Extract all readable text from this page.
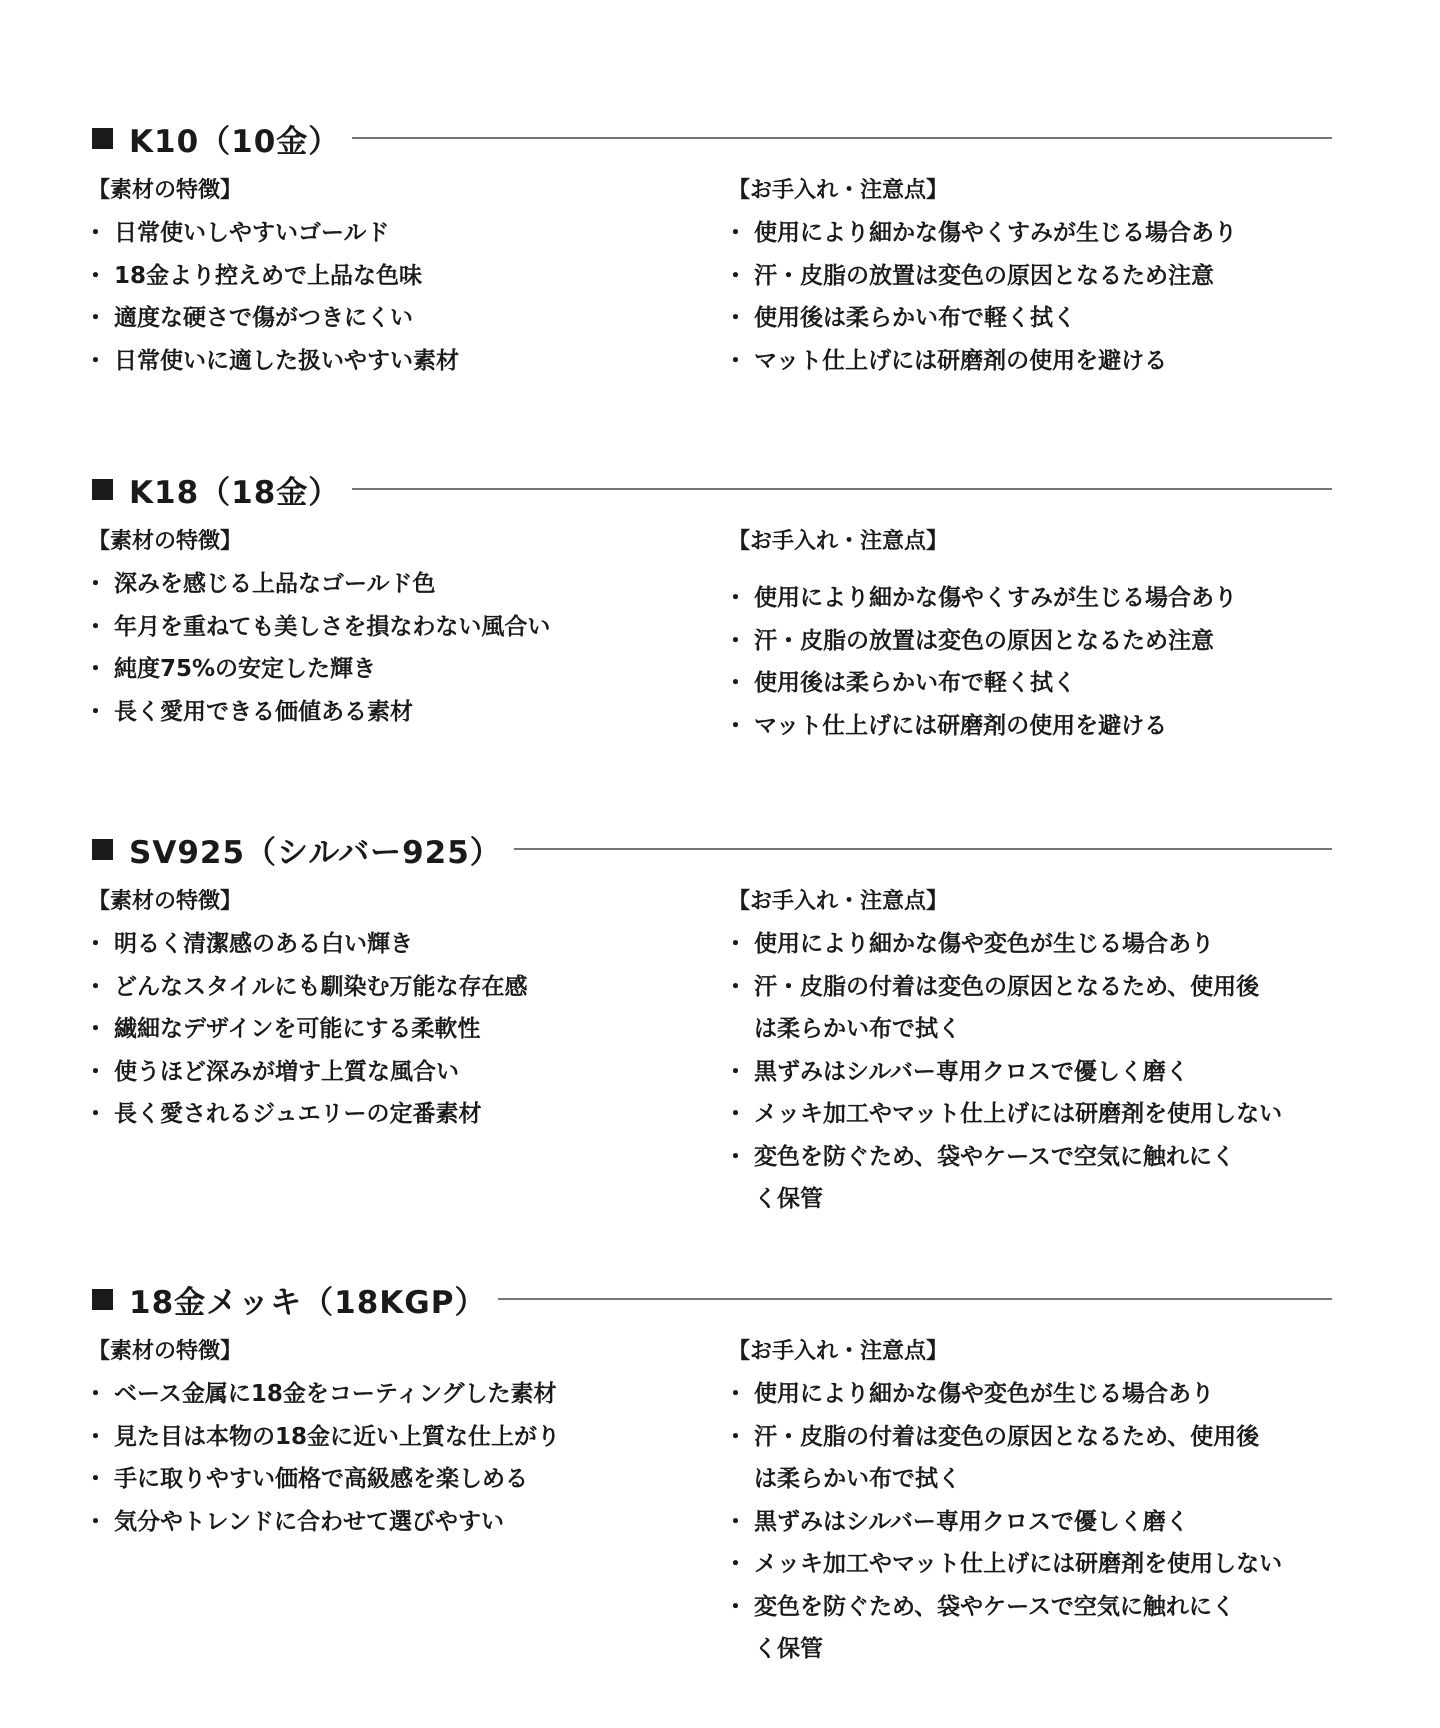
K10（10金）
【素材の特徴】
・ 日常使いしやすいゴールド
・ 18金より控えめで上品な色味
・ 適度な硬さで傷がつきにくい
・ 日常使いに適した扱いやすい素材
【お手入れ・注意点】
・ 使用により細かな傷やくすみが生じる場合あり
・ 汗・皮脂の放置は変色の原因となるため注意
・ 使用後は柔らかい布で軽く拭く
・ マット仕上げには研磨剤の使用を避ける
K18（18金）
【素材の特徴】
・ 深みを感じる上品なゴールド色
・ 年月を重ねても美しさを損なわない風合い
・ 純度75%の安定した輝き
・ 長く愛用できる価値ある素材
【お手入れ・注意点】
・ 使用により細かな傷やくすみが生じる場合あり
・ 汗・皮脂の放置は変色の原因となるため注意
・ 使用後は柔らかい布で軽く拭く
・ マット仕上げには研磨剤の使用を避ける
SV925（シルバー925）
【素材の特徴】
・ 明るく清潔感のある白い輝き
・ どんなスタイルにも馴染む万能な存在感
・ 繊細なデザインを可能にする柔軟性
・ 使うほど深みが増す上質な風合い
・ 長く愛されるジュエリーの定番素材
【お手入れ・注意点】
・ 使用により細かな傷や変色が生じる場合あり
・ 汗・皮脂の付着は変色の原因となるため、使用後
は柔らかい布で拭く
・ 黒ずみはシルバー専用クロスで優しく磨く
・ メッキ加工やマット仕上げには研磨剤を使用しない
・ 変色を防ぐため、袋やケースで空気に触れにく
く保管
18金メッキ（18KGP）
【素材の特徴】
・ ベース金属に18金をコーティングした素材
・ 見た目は本物の18金に近い上質な仕上がり
・ 手に取りやすい価格で高級感を楽しめる
・ 気分やトレンドに合わせて選びやすい
【お手入れ・注意点】
・ 使用により細かな傷や変色が生じる場合あり
・ 汗・皮脂の付着は変色の原因となるため、使用後
は柔らかい布で拭く
・ 黒ずみはシルバー専用クロスで優しく磨く
・ メッキ加工やマット仕上げには研磨剤を使用しない
・ 変色を防ぐため、袋やケースで空気に触れにく
く保管
